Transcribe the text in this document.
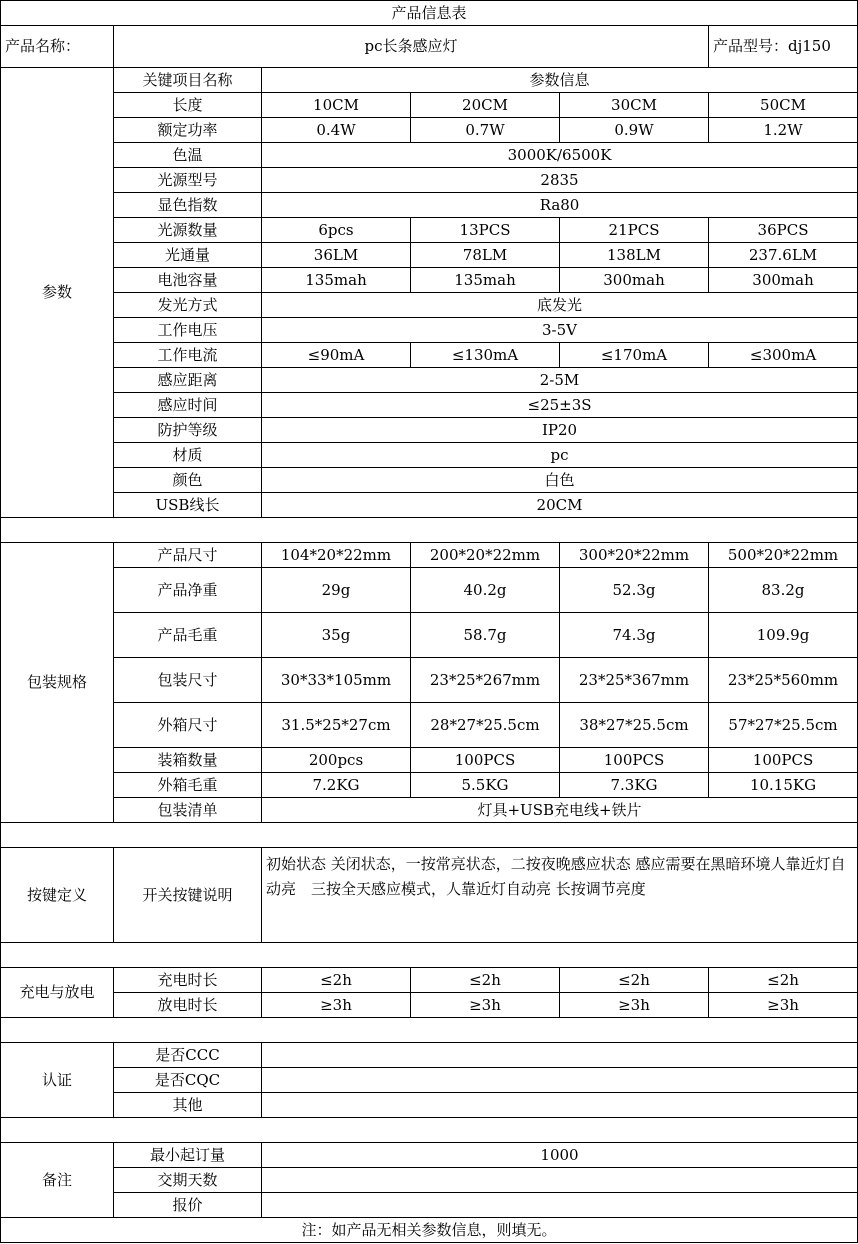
产品信息表					
产品名称：	pc长条感应灯				产品型号：dj150
参数	关键项目名称	参数信息			
	长度	10CM	20CM	30CM	50CM
	额定功率	0.4W	0.7W	0.9W	1.2W
	色温	3000K/6500K			
	光源型号	2835			
	显色指数	Ra80			
	光源数量	6pcs	13PCS	21PCS	36PCS
	光通量	36LM	78LM	138LM	237.6LM
	电池容量	135mah	135mah	300mah	300mah
	发光方式	底发光			
	工作电压	3-5V			
	工作电流	≤90mA	≤130mA	≤170mA	≤300mA
	感应距离	2-5M			
	感应时间	≤25±3S			
	防护等级	IP20			
	材质	pc			
	颜色	白色			
	USB线长	20CM			

包装规格	产品尺寸	104*20*22mm	200*20*22mm	300*20*22mm	500*20*22mm
	产品净重	29g	40.2g	52.3g	83.2g
	产品毛重	35g	58.7g	74.3g	109.9g
	包装尺寸	30*33*105mm	23*25*267mm	23*25*367mm	23*25*560mm
	外箱尺寸	31.5*25*27cm	28*27*25.5cm	38*27*25.5cm	57*27*25.5cm
	装箱数量	200pcs	100PCS	100PCS	100PCS
	外箱毛重	7.2KG	5.5KG	7.3KG	10.15KG
	包装清单	灯具+USB充电线+铁片			

按键定义	开关按键说明	初始状态 关闭状态，一按常亮状态，二按夜晚感应状态 感应需要在黑暗环境人靠近灯自动亮　三按全天感应模式，人靠近灯自动亮 长按调节亮度			

充电与放电	充电时长	≤2h	≤2h	≤2h	≤2h
	放电时长	≥3h	≥3h	≥3h	≥3h

认证	是否CCC				
	是否CQC				
	其他				

备注	最小起订量	1000			
	交期天数				
	报价				
注：如产品无相关参数信息，则填无。					
